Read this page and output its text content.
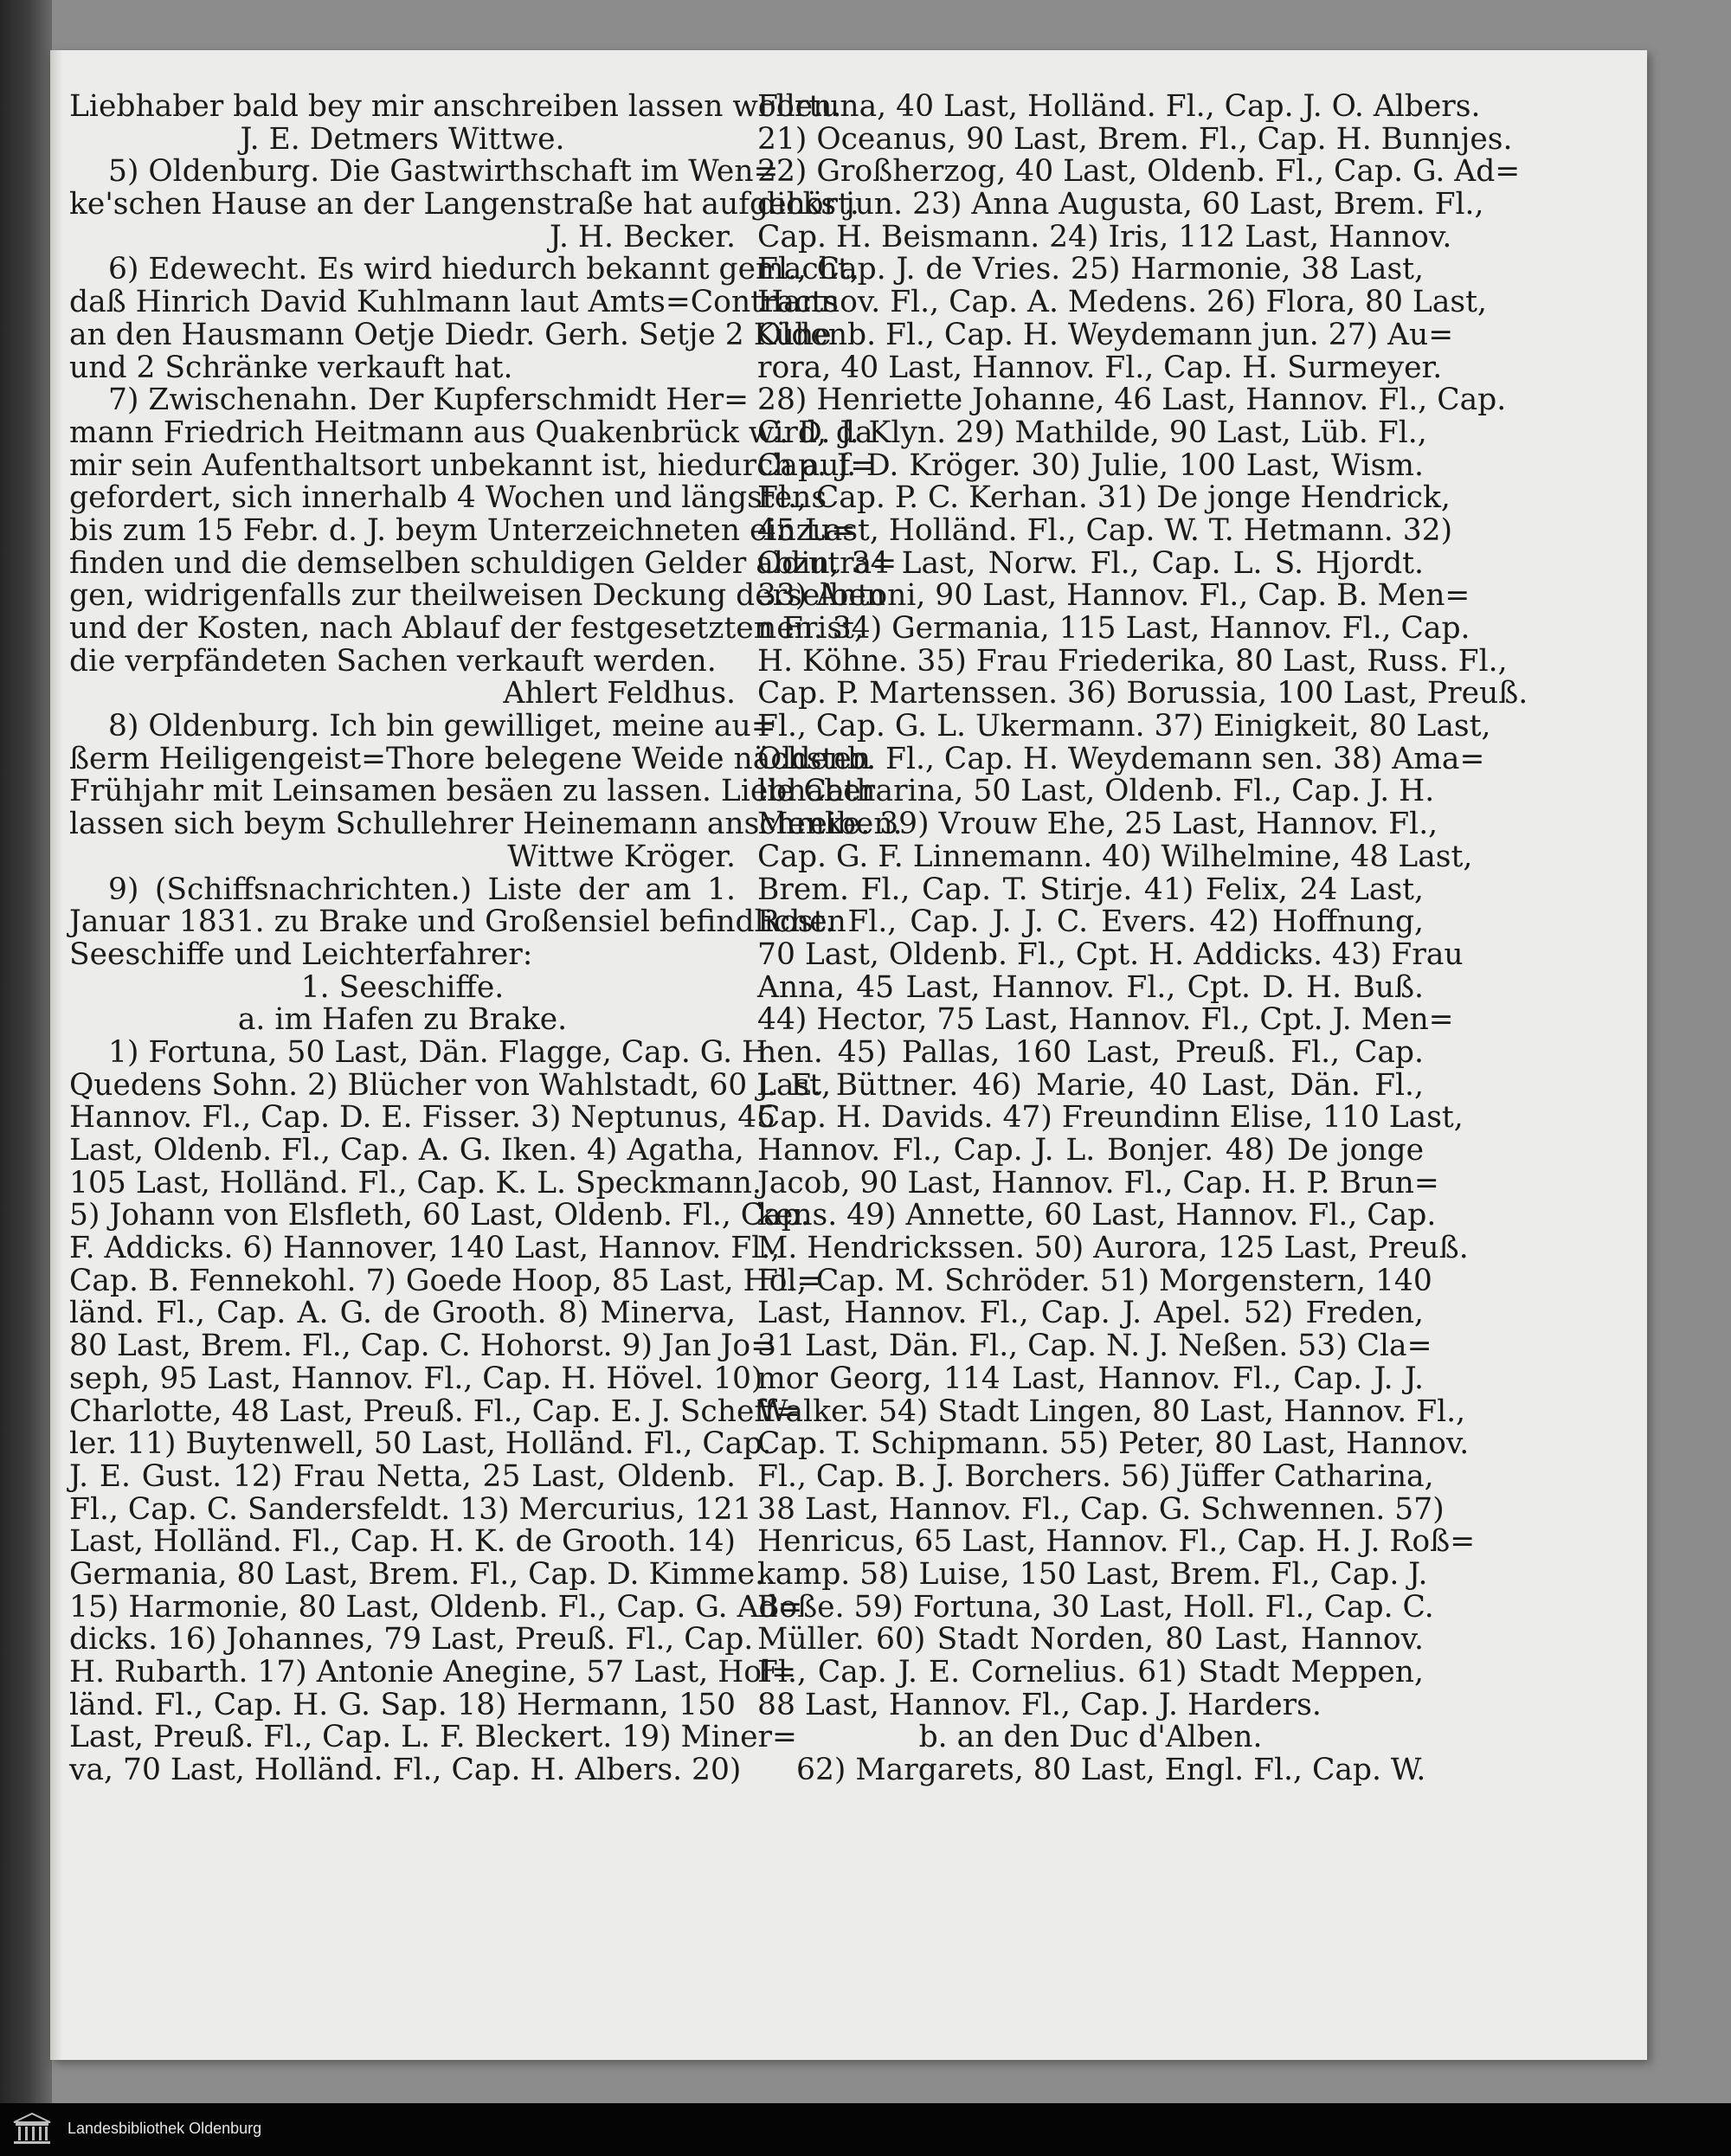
Liebhaber bald bey mir anschreiben lassen wollen.
J. E. Detmers Wittwe.
5) Oldenburg. Die Gastwirthschaft im Wen=
ke'schen Hause an der Langenstraße hat aufgehört.
J. H. Becker.
6) Edewecht. Es wird hiedurch bekannt gemacht,
daß Hinrich David Kuhlmann laut Amts=Contracts
an den Hausmann Oetje Diedr. Gerh. Setje 2 Kühe
und 2 Schränke verkauft hat.
7) Zwischenahn. Der Kupferschmidt Her=
mann Friedrich Heitmann aus Quakenbrück wird, da
mir sein Aufenthaltsort unbekannt ist, hiedurch auf=
gefordert, sich innerhalb 4 Wochen und längstens
bis zum 15 Febr. d. J. beym Unterzeichneten einzu=
finden und die demselben schuldigen Gelder abzutra=
gen, widrigenfalls zur theilweisen Deckung derselben
und der Kosten, nach Ablauf der festgesetzten Frist,
die verpfändeten Sachen verkauft werden.
Ahlert Feldhus.
8) Oldenburg. Ich bin gewilliget, meine au=
ßerm Heiligengeist=Thore belegene Weide nächsten
Frühjahr mit Leinsamen besäen zu lassen. Liebhaber
lassen sich beym Schullehrer Heinemann anschreiben.
Wittwe Kröger.
9) (Schiffsnachrichten.) Liste der am 1.
Januar 1831. zu Brake und Großensiel befindlichen
Seeschiffe und Leichterfahrer:
1. Seeschiffe.
a. im Hafen zu Brake.
1) Fortuna, 50 Last, Dän. Flagge, Cap. G. H.
Quedens Sohn. 2) Blücher von Wahlstadt, 60 Last,
Hannov. Fl., Cap. D. E. Fisser. 3) Neptunus, 45
Last, Oldenb. Fl., Cap. A. G. Iken. 4) Agatha,
105 Last, Holländ. Fl., Cap. K. L. Speckmann.
5) Johann von Elsfleth, 60 Last, Oldenb. Fl., Cap.
F. Addicks. 6) Hannover, 140 Last, Hannov. Fl.,
Cap. B. Fennekohl. 7) Goede Hoop, 85 Last, Hol=
länd. Fl., Cap. A. G. de Grooth. 8) Minerva,
80 Last, Brem. Fl., Cap. C. Hohorst. 9) Jan Jo=
seph, 95 Last, Hannov. Fl., Cap. H. Hövel. 10)
Charlotte, 48 Last, Preuß. Fl., Cap. E. J. Scheff=
ler. 11) Buytenwell, 50 Last, Holländ. Fl., Cap.
J. E. Gust. 12) Frau Netta, 25 Last, Oldenb.
Fl., Cap. C. Sandersfeldt. 13) Mercurius, 121
Last, Holländ. Fl., Cap. H. K. de Grooth. 14)
Germania, 80 Last, Brem. Fl., Cap. D. Kimme.
15) Harmonie, 80 Last, Oldenb. Fl., Cap. G. Ad=
dicks. 16) Johannes, 79 Last, Preuß. Fl., Cap.
H. Rubarth. 17) Antonie Anegine, 57 Last, Hol=
länd. Fl., Cap. H. G. Sap. 18) Hermann, 150
Last, Preuß. Fl., Cap. L. F. Bleckert. 19) Miner=
va, 70 Last, Holländ. Fl., Cap. H. Albers. 20)
Fortuna, 40 Last, Holländ. Fl., Cap. J. O. Albers.
21) Oceanus, 90 Last, Brem. Fl., Cap. H. Bunnjes.
22) Großherzog, 40 Last, Oldenb. Fl., Cap. G. Ad=
dicks jun. 23) Anna Augusta, 60 Last, Brem. Fl.,
Cap. H. Beismann. 24) Iris, 112 Last, Hannov.
Fl., Cap. J. de Vries. 25) Harmonie, 38 Last,
Hannov. Fl., Cap. A. Medens. 26) Flora, 80 Last,
Oldenb. Fl., Cap. H. Weydemann jun. 27) Au=
rora, 40 Last, Hannov. Fl., Cap. H. Surmeyer.
28) Henriette Johanne, 46 Last, Hannov. Fl., Cap.
C. D. J. Klyn. 29) Mathilde, 90 Last, Lüb. Fl.,
Cap. J. D. Kröger. 30) Julie, 100 Last, Wism.
Fl., Cap. P. C. Kerhan. 31) De jonge Hendrick,
45 Last, Holländ. Fl., Cap. W. T. Hetmann. 32)
Odin, 34 Last, Norw. Fl., Cap. L. S. Hjordt.
33) Antoni, 90 Last, Hannov. Fl., Cap. B. Men=
nen. 34) Germania, 115 Last, Hannov. Fl., Cap.
H. Köhne. 35) Frau Friederika, 80 Last, Russ. Fl.,
Cap. P. Martenssen. 36) Borussia, 100 Last, Preuß.
Fl., Cap. G. L. Ukermann. 37) Einigkeit, 80 Last,
Oldenb. Fl., Cap. H. Weydemann sen. 38) Ama=
lie Catharina, 50 Last, Oldenb. Fl., Cap. J. H.
Menke. 39) Vrouw Ehe, 25 Last, Hannov. Fl.,
Cap. G. F. Linnemann. 40) Wilhelmine, 48 Last,
Brem. Fl., Cap. T. Stirje. 41) Felix, 24 Last,
Rost. Fl., Cap. J. J. C. Evers. 42) Hoffnung,
70 Last, Oldenb. Fl., Cpt. H. Addicks. 43) Frau
Anna, 45 Last, Hannov. Fl., Cpt. D. H. Buß.
44) Hector, 75 Last, Hannov. Fl., Cpt. J. Men=
nen. 45) Pallas, 160 Last, Preuß. Fl., Cap.
J. E. Büttner. 46) Marie, 40 Last, Dän. Fl.,
Cap. H. Davids. 47) Freundinn Elise, 110 Last,
Hannov. Fl., Cap. J. L. Bonjer. 48) De jonge
Jacob, 90 Last, Hannov. Fl., Cap. H. P. Brun=
kens. 49) Annette, 60 Last, Hannov. Fl., Cap.
M. Hendrickssen. 50) Aurora, 125 Last, Preuß.
Fl., Cap. M. Schröder. 51) Morgenstern, 140
Last, Hannov. Fl., Cap. J. Apel. 52) Freden,
31 Last, Dän. Fl., Cap. N. J. Neßen. 53) Cla=
mor Georg, 114 Last, Hannov. Fl., Cap. J. J.
Walker. 54) Stadt Lingen, 80 Last, Hannov. Fl.,
Cap. T. Schipmann. 55) Peter, 80 Last, Hannov.
Fl., Cap. B. J. Borchers. 56) Jüffer Catharina,
38 Last, Hannov. Fl., Cap. G. Schwennen. 57)
Henricus, 65 Last, Hannov. Fl., Cap. H. J. Roß=
kamp. 58) Luise, 150 Last, Brem. Fl., Cap. J.
Boße. 59) Fortuna, 30 Last, Holl. Fl., Cap. C.
Müller. 60) Stadt Norden, 80 Last, Hannov.
Fl., Cap. J. E. Cornelius. 61) Stadt Meppen,
88 Last, Hannov. Fl., Cap. J. Harders.
b. an den Duc d'Alben.
62) Margarets, 80 Last, Engl. Fl., Cap. W.
Landesbibliothek Oldenburg
